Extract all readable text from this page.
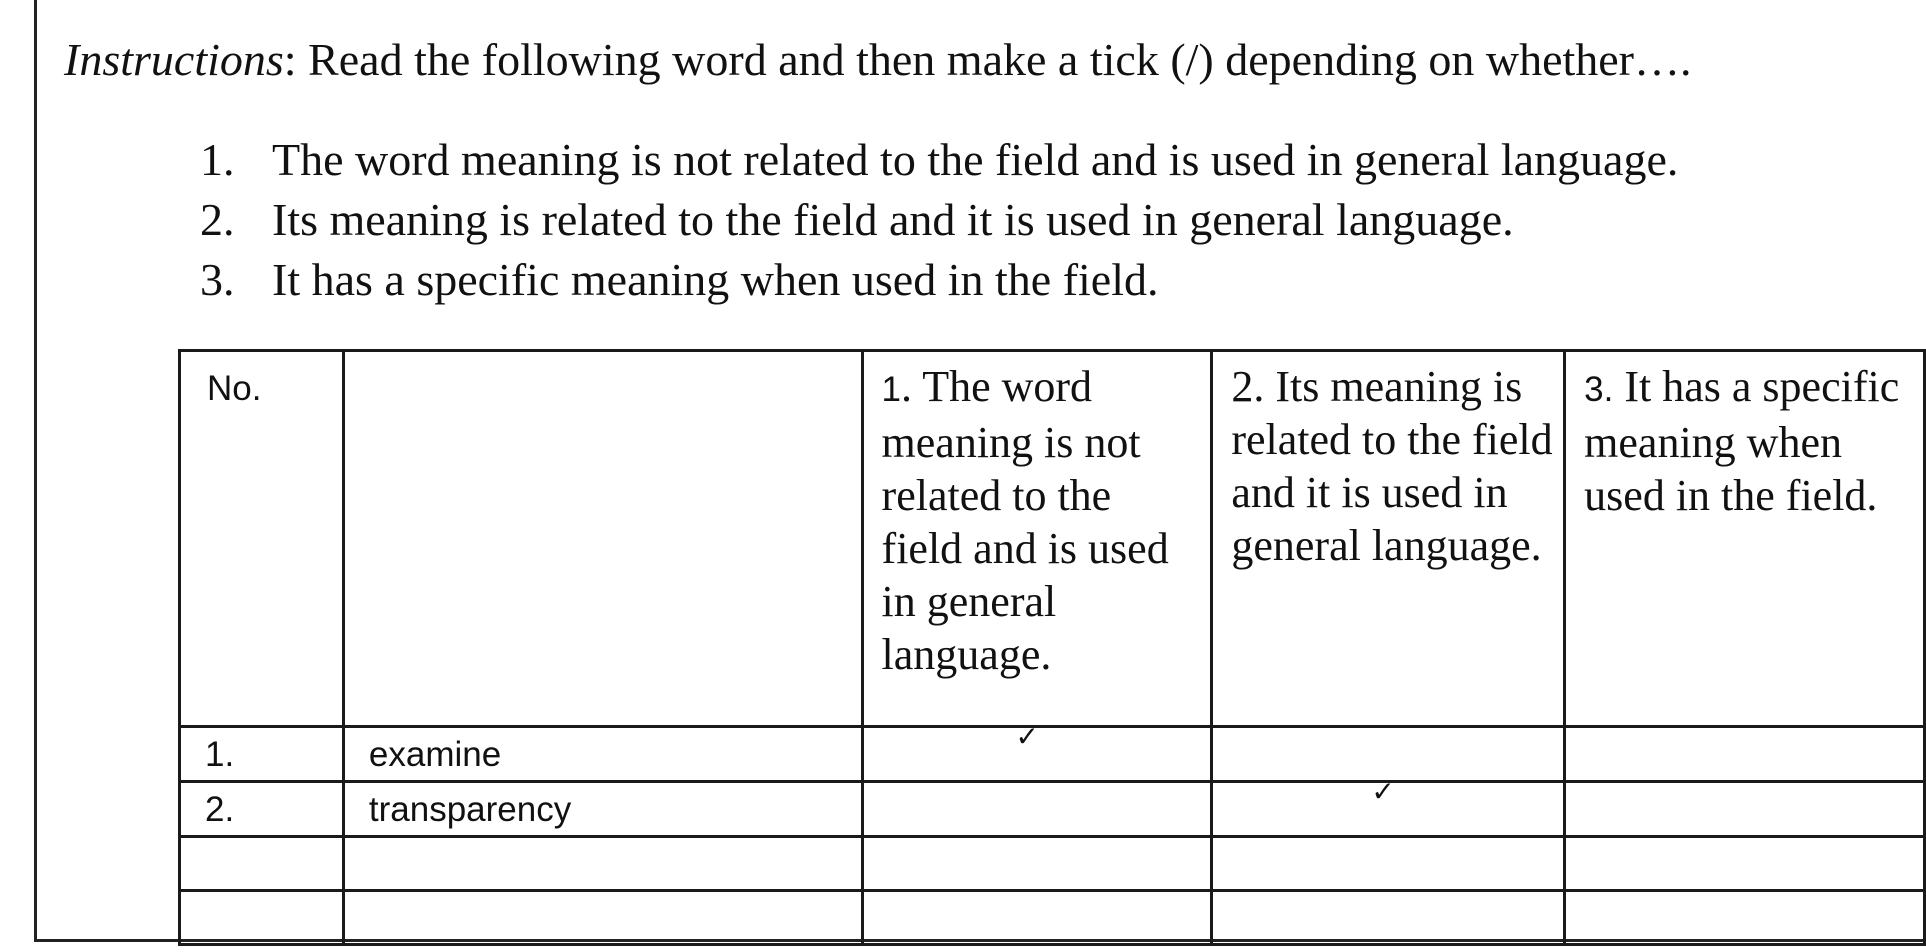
Instructions: Read the following word and then make a tick (/) depending on whether….
1. The word meaning is not related to the field and is used in general language.
2. Its meaning is related to the field and it is used in general language.
3. It has a specific meaning when used in the field.
No.		1. The word meaning is not related to the field and is used in general language.	2. Its meaning is related to the field and it is used in general language.	3. It has a specific meaning when used in the field.
1.	examine	✓		

2.	transparency		✓	
